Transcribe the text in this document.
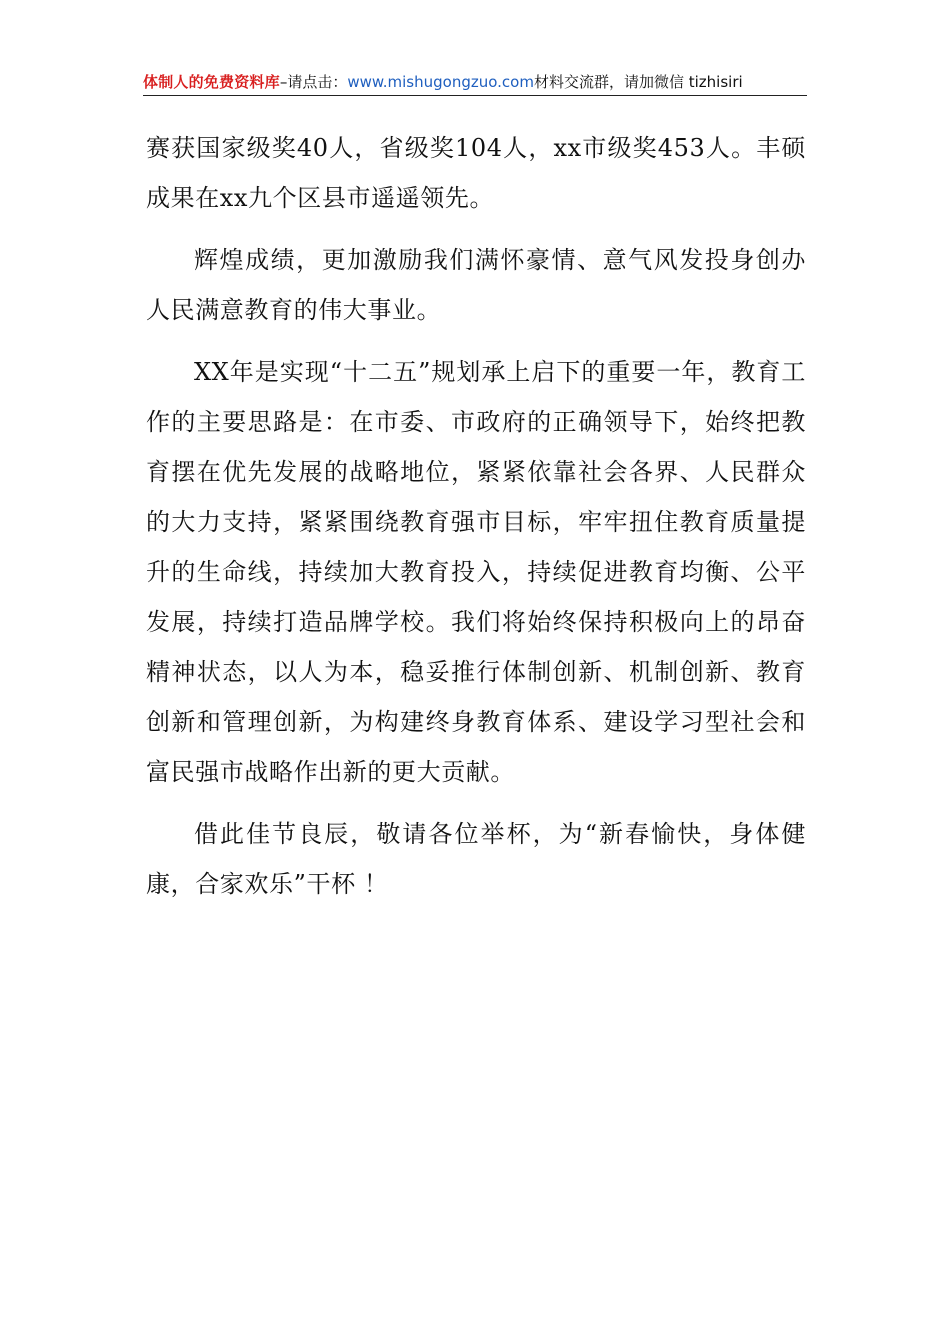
体制人的免费资料库–请点击：www.mishugongzuo.com材料交流群，请加微信 tizhisiri

赛获国家级奖40人，省级奖104人，xx市级奖453人。丰硕成果在xx九个区县市遥遥领先。

辉煌成绩，更加激励我们满怀豪情、意气风发投身创办人民满意教育的伟大事业。

XX年是实现“十二五”规划承上启下的重要一年，教育工作的主要思路是：在市委、市政府的正确领导下，始终把教育摆在优先发展的战略地位，紧紧依靠社会各界、人民群众的大力支持，紧紧围绕教育强市目标，牢牢扭住教育质量提升的生命线，持续加大教育投入，持续促进教育均衡、公平发展，持续打造品牌学校。我们将始终保持积极向上的昂奋精神状态，以人为本，稳妥推行体制创新、机制创新、教育创新和管理创新，为构建终身教育体系、建设学习型社会和富民强市战略作出新的更大贡献。

借此佳节良辰，敬请各位举杯，为“新春愉快，身体健康，合家欢乐”干杯 ！
